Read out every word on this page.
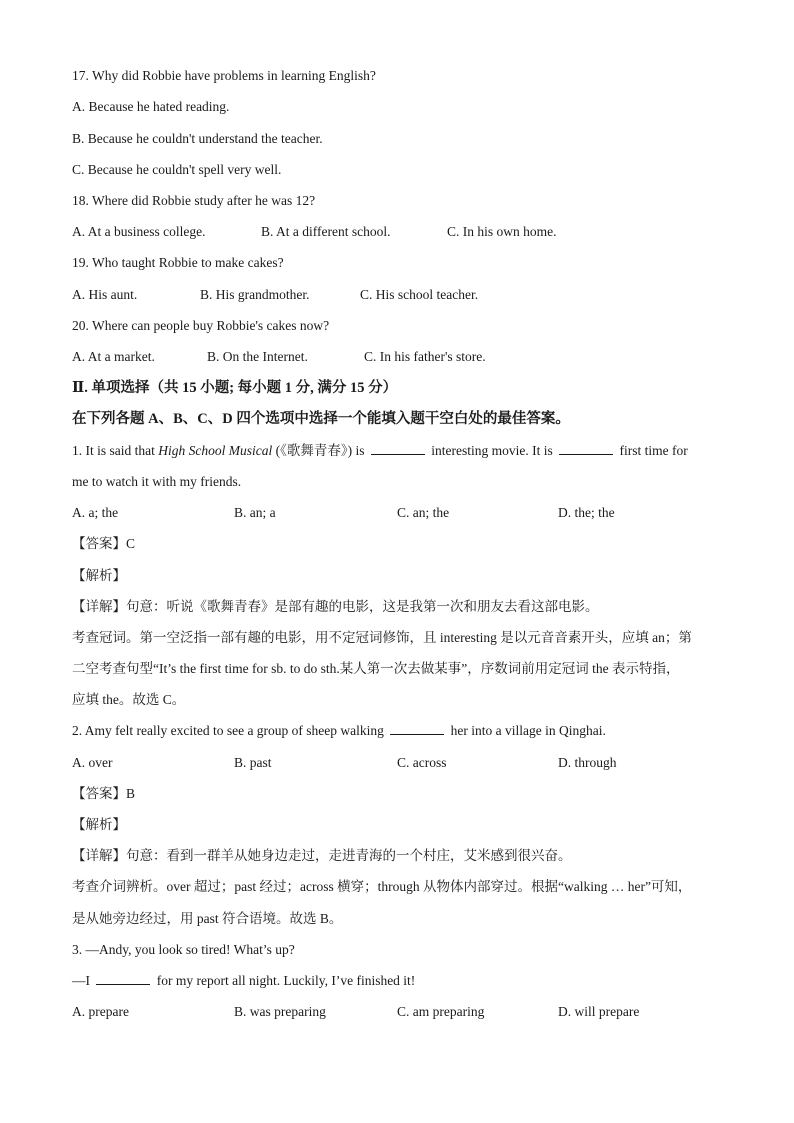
17. Why did Robbie have problems in learning English?
A. Because he hated reading.
B. Because he couldn't understand the teacher.
C. Because he couldn't spell very well.
18. Where did Robbie study after he was 12?
A. At a business college.	B. At a different school.	C. In his own home.
19. Who taught Robbie to make cakes?
A. His aunt.	B. His grandmother.	C. His school teacher.
20. Where can people buy Robbie's cakes now?
A. At a market.	B. On the Internet.	C. In his father's store.
Ⅱ. 单项选择（共 15 小题; 每小题 1 分, 满分 15 分）
在下列各题 A、B、C、D 四个选项中选择一个能填入题干空白处的最佳答案。
1. It is said that High School Musical (《歌舞青春》) is	interesting movie. It is	first time for
me to watch it with my friends.
A. a; the	B. an; a	C. an; the	D. the; the
【答案】C
【解析】
【详解】句意：听说《歌舞青春》是部有趣的电影，这是我第一次和朋友去看这部电影。
考查冠词。第一空泛指一部有趣的电影，用不定冠词修饰，且 interesting 是以元音音素开头，应填 an；第
二空考查句型“It’s the first time for sb. to do sth.某人第一次去做某事”，序数词前用定冠词 the 表示特指，
应填 the。故选 C。
2. Amy felt really excited to see a group of sheep walking	her into a village in Qinghai.
A. over	B. past	C. across	D. through
【答案】B
【解析】
【详解】句意：看到一群羊从她身边走过，走进青海的一个村庄，艾米感到很兴奋。
考查介词辨析。over 超过；past 经过；across 横穿；through 从物体内部穿过。根据“walking … her”可知，
是从她旁边经过，用 past 符合语境。故选 B。
3. —Andy, you look so tired! What’s up?
—I	for my report all night. Luckily, I’ve finished it!
A. prepare	B. was preparing	C. am preparing	D. will prepare
